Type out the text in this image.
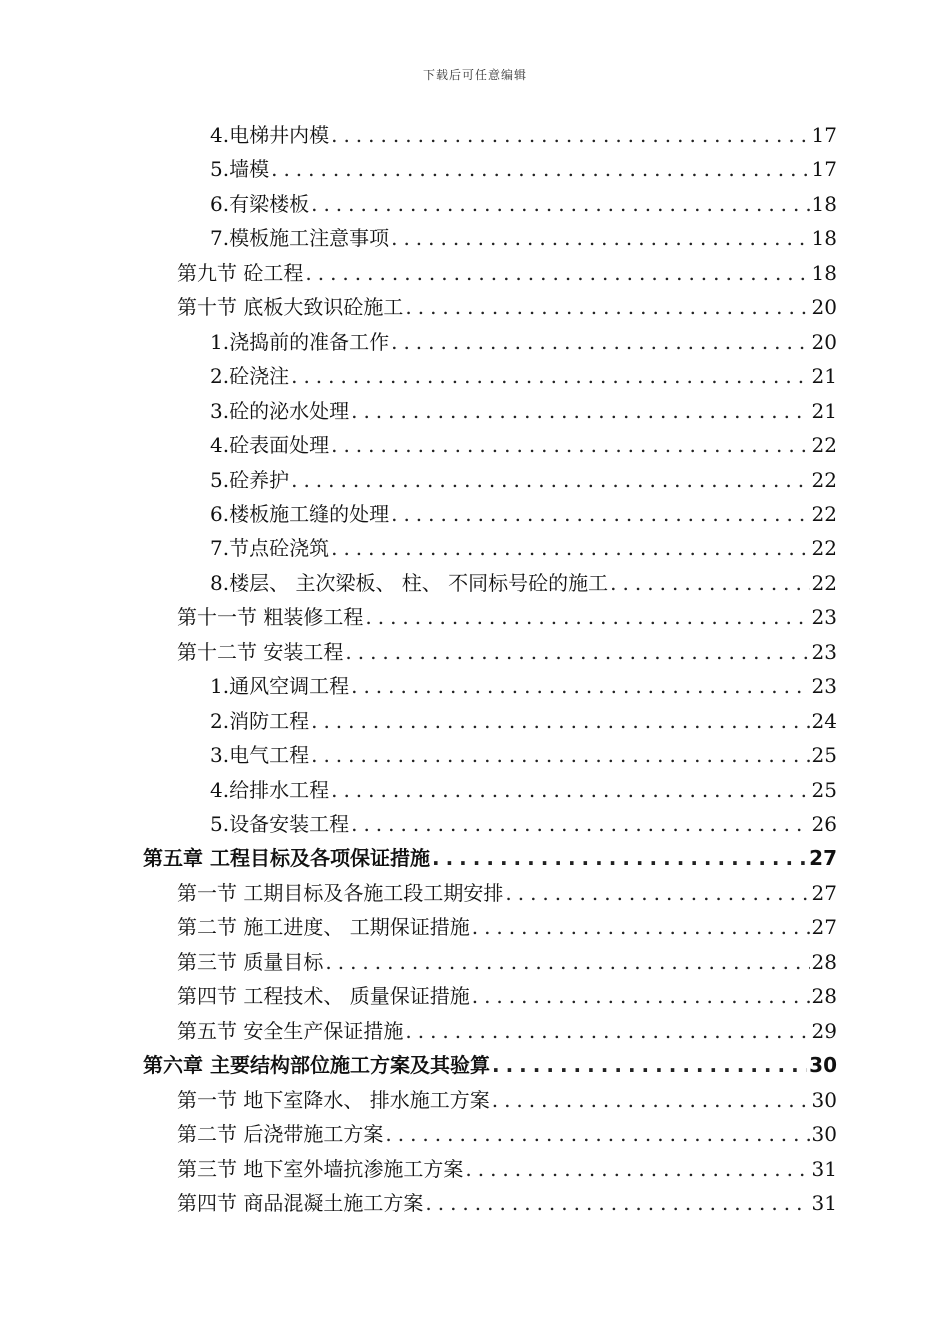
下载后可任意编辑
4. 电梯井内模 .....	17
5. 墙模 .....	17
6. 有梁楼板 .....	18
7. 模板施工注意事项 .....	18
第九节 砼工程 .....	18
第十节 底板大致识砼施工 .....	20
1. 浇捣前的准备工作 .....	20
2. 砼浇注 .....	21
3. 砼的泌水处理 .....	21
4. 砼表面处理 .....	22
5. 砼养护 .....	22
6. 楼板施工缝的处理 .....	22
7. 节点砼浇筑 .....	22
8. 楼层、 主次梁板、 柱、 不同标号砼的施工 .....	22
第十一节 粗装修工程 .....	23
第十二节 安装工程 .....	23
1. 通风空调工程 .....	23
2. 消防工程 .....	24
3. 电气工程 .....	25
4. 给排水工程 .....	25
5. 设备安装工程 .....	26
第五章 工程目标及各项保证措施 .....	27
第一节 工期目标及各施工段工期安排 .....	27
第二节 施工进度、 工期保证措施 .....	27
第三节 质量目标 .....	28
第四节 工程技术、 质量保证措施 .....	28
第五节 安全生产保证措施 .....	29
第六章 主要结构部位施工方案及其验算 .....	30
第一节 地下室降水、 排水施工方案 .....	30
第二节 后浇带施工方案 .....	30
第三节 地下室外墙抗渗施工方案 .....	31
第四节 商品混凝土施工方案 .....	31
